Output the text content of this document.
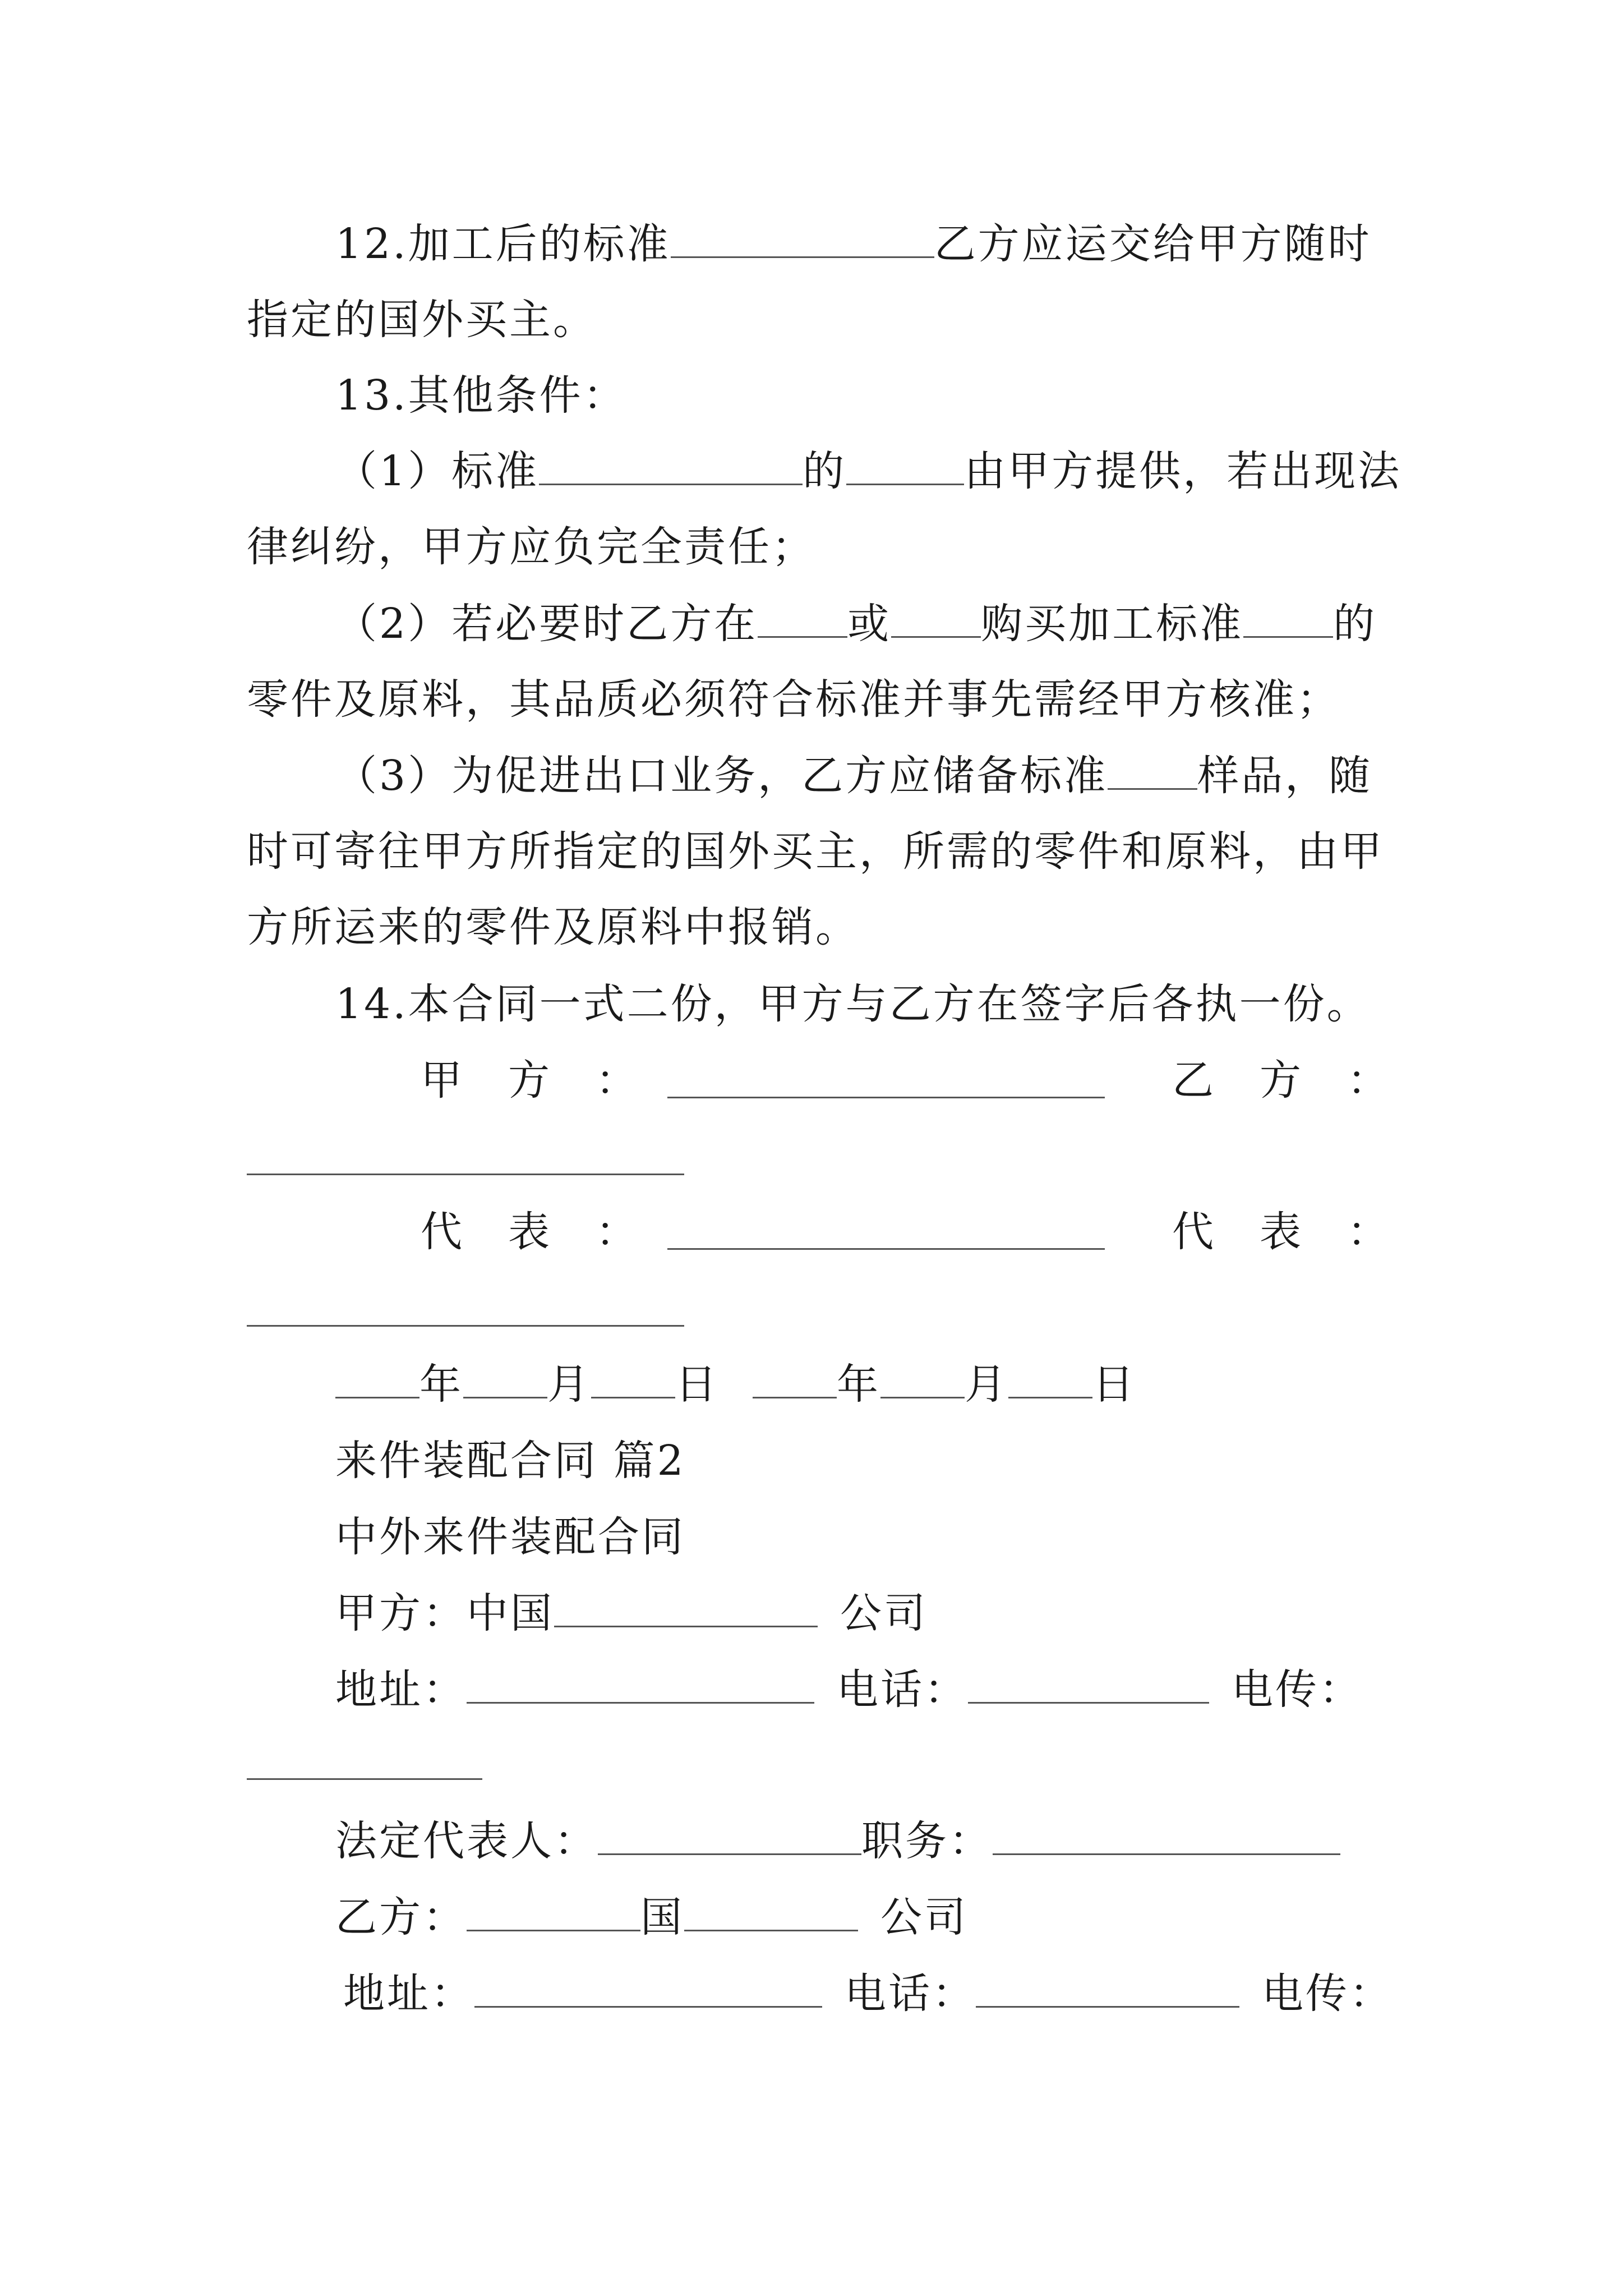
12.加工后的标准	乙方应运交给甲方随时
指定的国外买主。
13.其他条件：
（1）标准	的	由甲方提供，若出现法
律纠纷，甲方应负完全责任；
（2）若必要时乙方在 或 购买加工标准 的
零件及原料，其品质必须符合标准并事先需经甲方核准；
（3）为促进出口业务，乙方应储备标准 样品，随
时可寄往甲方所指定的国外买主，所需的零件和原料，由甲
方所运来的零件及原料中报销。
14.本合同一式二份，甲方与乙方在签字后各执一份。
甲　方　：	乙　方　：
代　表　：	代　表　：
年 月 日	年 月 日
来件装配合同 篇2
中外来件装配合同
甲方：中国	公司
地址：	电话：	电传：
法定代表人：	职务：
乙方：	国	公司
地址：	电话：	电传：
